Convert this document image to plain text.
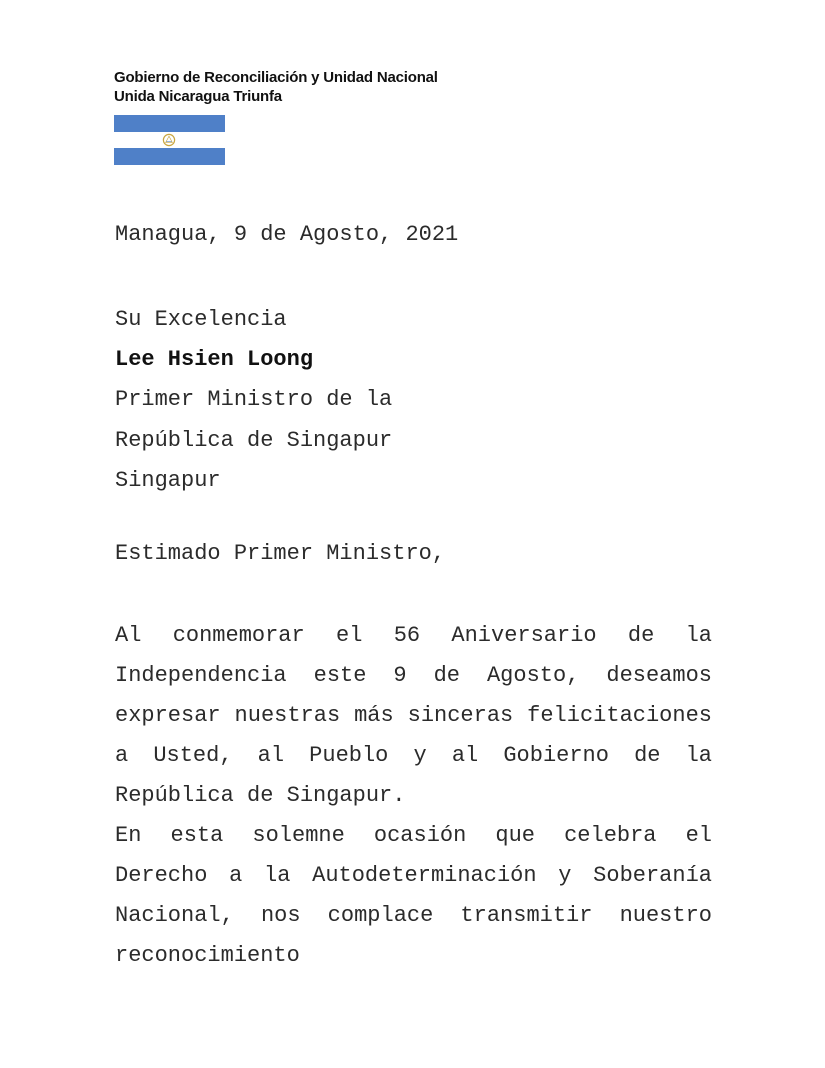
Gobierno de Reconciliación y Unidad Nacional
Unida Nicaragua Triunfa
Managua, 9 de Agosto, 2021
Su Excelencia
Lee Hsien Loong
Primer Ministro de la
República de Singapur
Singapur
Estimado Primer Ministro,
Al conmemorar el 56 Aniversario de la Independencia este 9 de Agosto, deseamos expresar nuestras más sinceras felicitaciones a Usted, al Pueblo y al Gobierno de la República de Singapur.
En esta solemne ocasión que celebra el Derecho a la Autodeterminación y Soberanía Nacional, nos complace transmitir nuestro reconocimiento
